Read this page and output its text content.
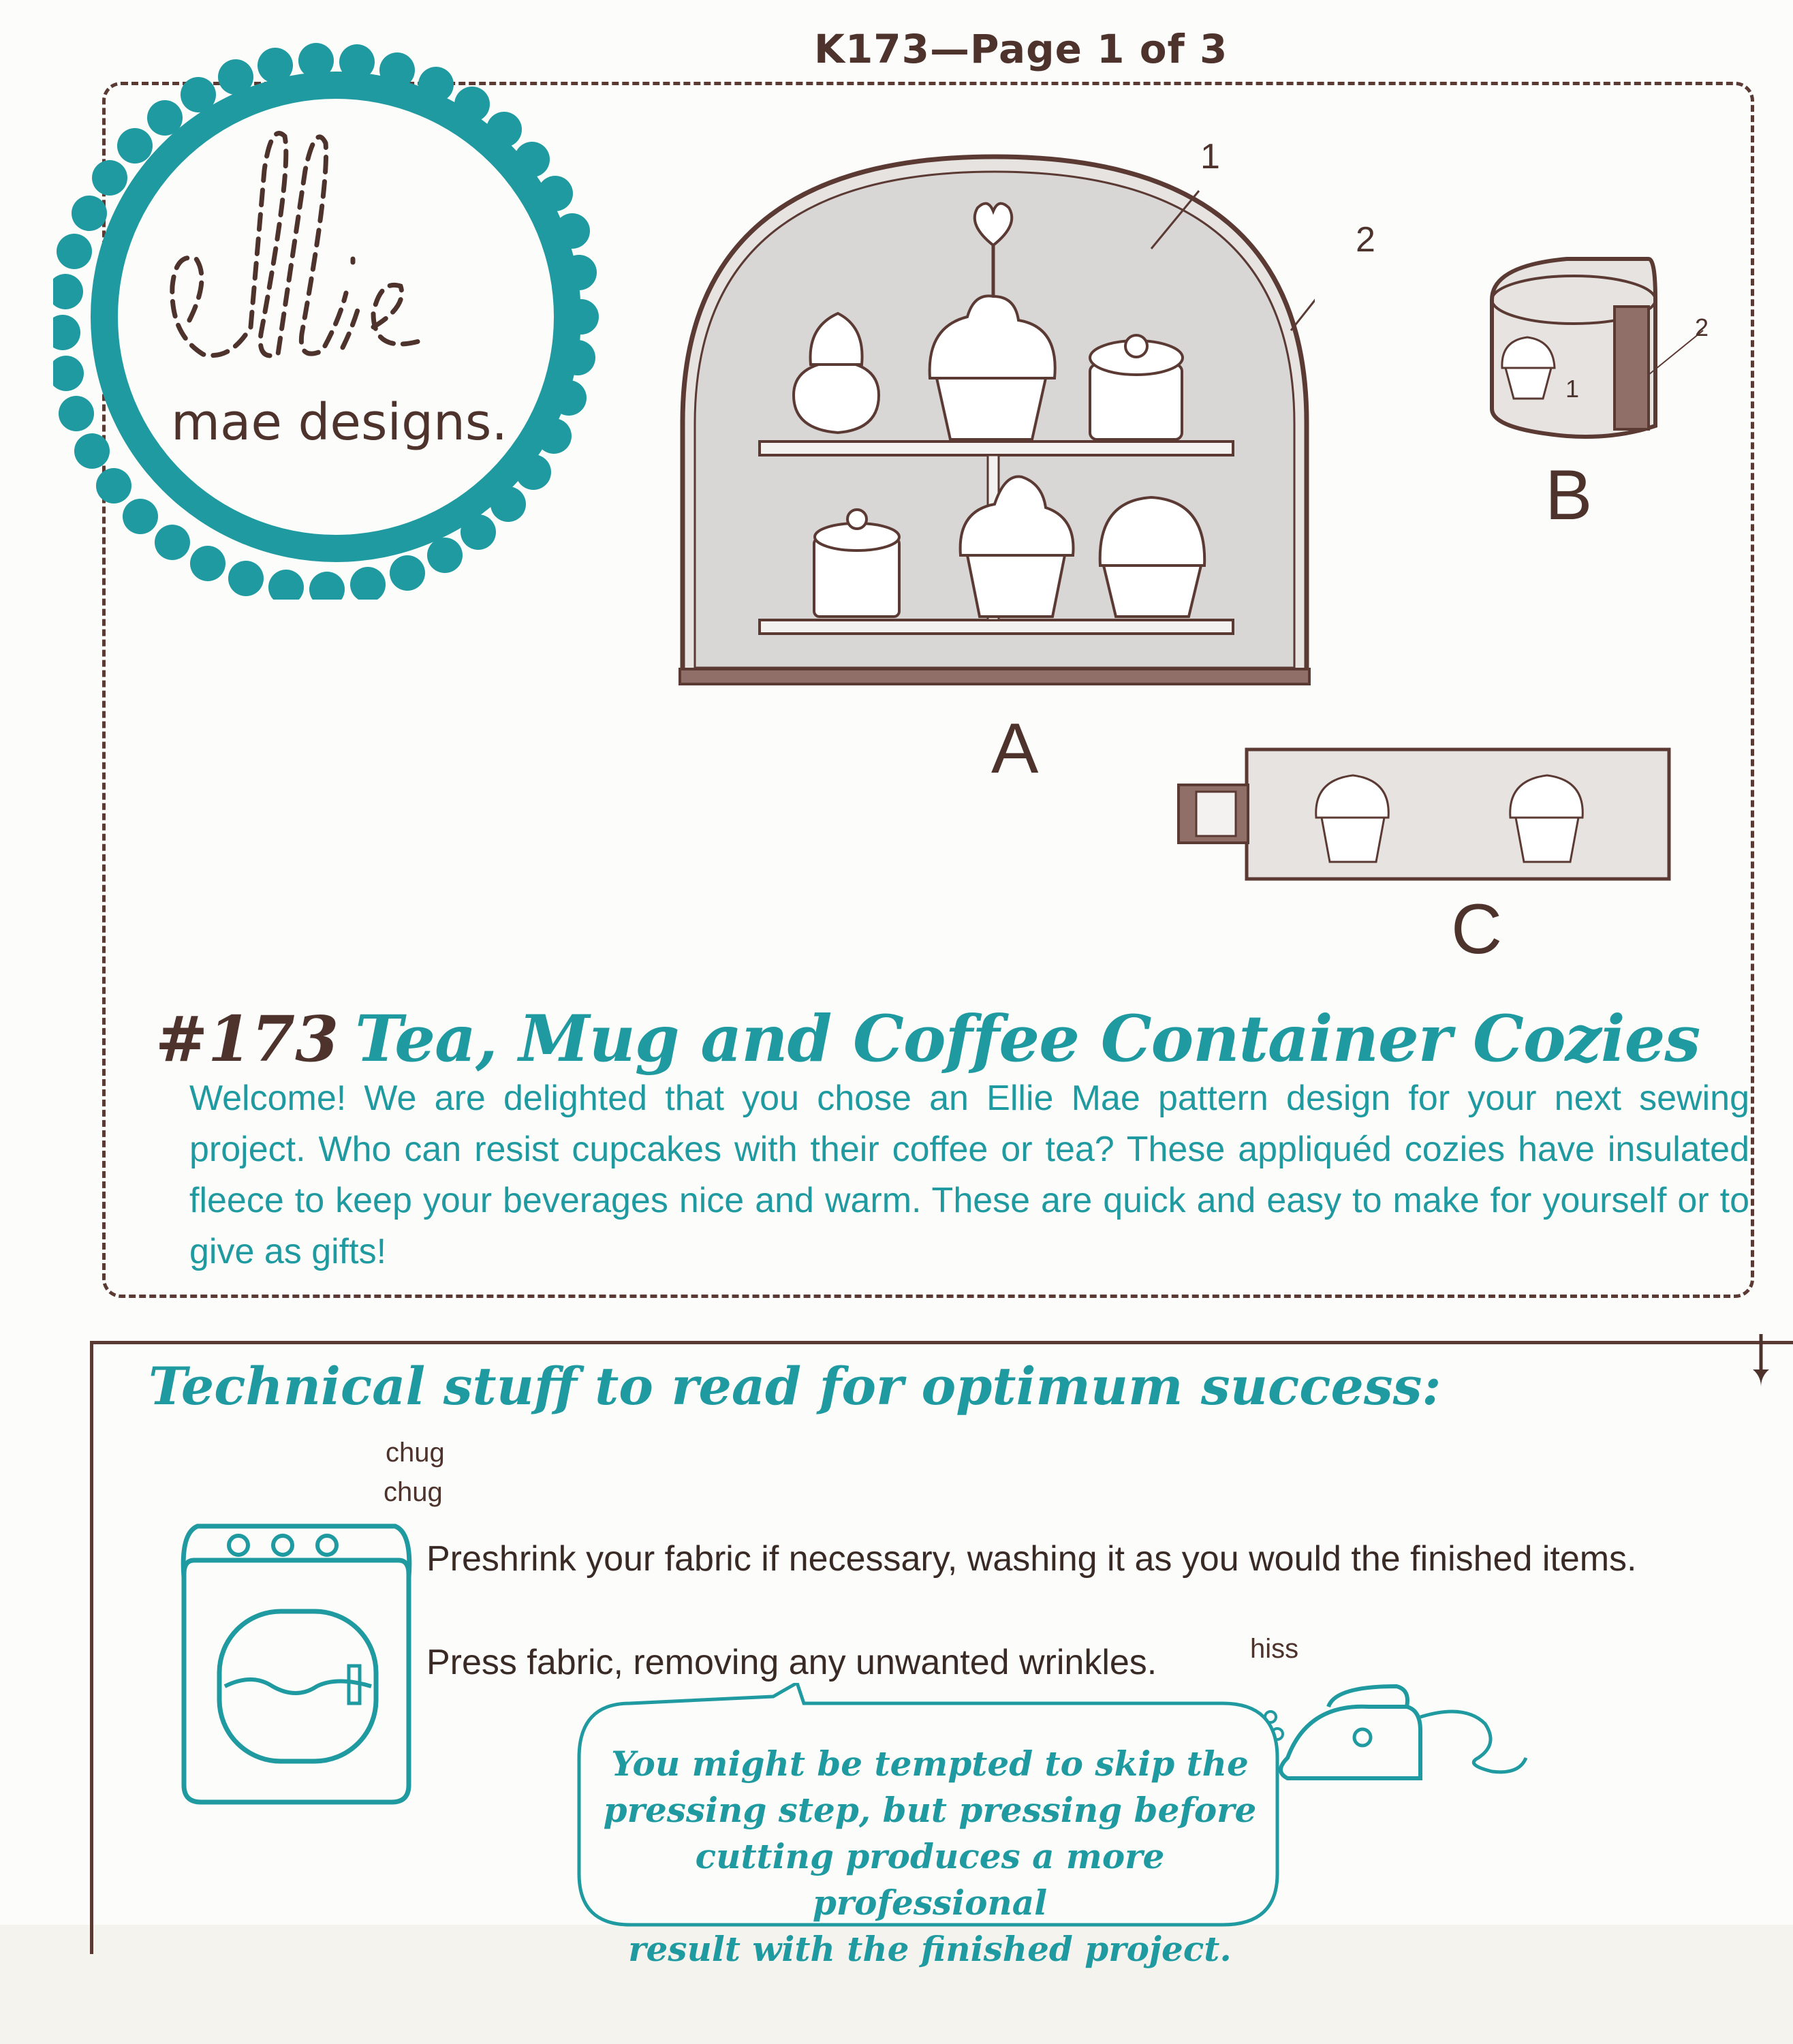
K173—Page 1 of 3
mae designs.
A
B
C
1
2
1
2
#173 Tea, Mug and Coffee Container Cozies
Welcome! We are delighted that you chose an Ellie Mae pattern design for your next sewing project. Who can resist cupcakes with their coffee or tea? These appliquéd cozies have insulated fleece to keep your beverages nice and warm. These are quick and easy to make for yourself or to give as gifts!
Technical stuff to read for optimum success:
chug
chug
Preshrink your fabric if necessary, washing it as you would the finished items.
Press fabric, removing any unwanted wrinkles.	hiss
You might be tempted to skip the
pressing step, but pressing before
cutting produces a more professional
result with the finished project.
